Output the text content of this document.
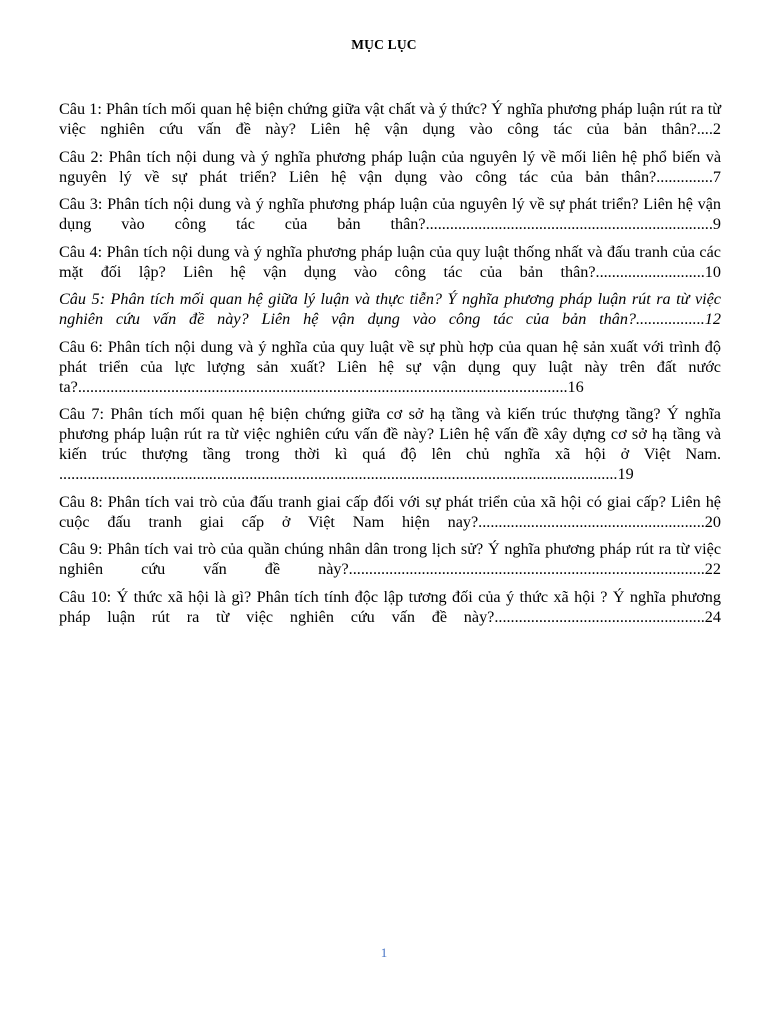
MỤC LỤC

Câu 1: Phân tích mối quan hệ biện chứng giữa vật chất và ý thức? Ý nghĩa phương pháp luận rút ra từ việc nghiên cứu vấn đề này? Liên hệ vận dụng vào công tác của bản thân?....2

Câu 2: Phân tích nội dung và ý nghĩa phương pháp luận của nguyên lý về mối liên hệ phổ biến và nguyên lý về sự phát triển? Liên hệ vận dụng vào công tác của bản thân?..............7

Câu 3: Phân tích nội dung và ý nghĩa phương pháp luận của nguyên lý về sự phát triển? Liên hệ vận dụng vào công tác của bản thân?.......................................................................9

Câu 4: Phân tích nội dung và ý nghĩa phương pháp luận của quy luật thống nhất và đấu tranh của các mặt đối lập? Liên hệ vận dụng vào công tác của bản thân?...........................10

Câu 5: Phân tích mối quan hệ giữa lý luận và thực tiễn? Ý nghĩa phương pháp luận rút ra từ việc nghiên cứu vấn đề này? Liên hệ vận dụng vào công tác của bản thân?.................12

Câu 6: Phân tích nội dung và ý nghĩa của quy luật về sự phù hợp của quan hệ sản xuất với trình độ phát triển của lực lượng sản xuất? Liên hệ sự vận dụng quy luật này trên đất nước ta?.........................................................................................................................16

Câu 7: Phân tích mối quan hệ biện chứng giữa cơ sở hạ tầng và kiến trúc thượng tầng? Ý nghĩa phương pháp luận rút ra từ việc nghiên cứu vấn đề này? Liên hệ vấn đề xây dựng cơ sở hạ tầng và kiến trúc thượng tầng trong thời kì quá độ lên chủ nghĩa xã hội ở Việt Nam. ..........................................................................................................................................19

Câu 8: Phân tích vai trò của đấu tranh giai cấp đối với sự phát triển của xã hội có giai cấp? Liên hệ cuộc đấu tranh giai cấp ở Việt Nam hiện nay?........................................................20

Câu 9: Phân tích vai trò của quần chúng nhân dân trong lịch sử? Ý nghĩa phương pháp rút ra từ việc nghiên cứu vấn đề này?........................................................................................22

Câu 10: Ý thức xã hội là gì? Phân tích tính độc lập tương đối của ý thức xã hội ? Ý nghĩa phương pháp luận rút ra từ việc nghiên cứu vấn đề này?....................................................24

1
